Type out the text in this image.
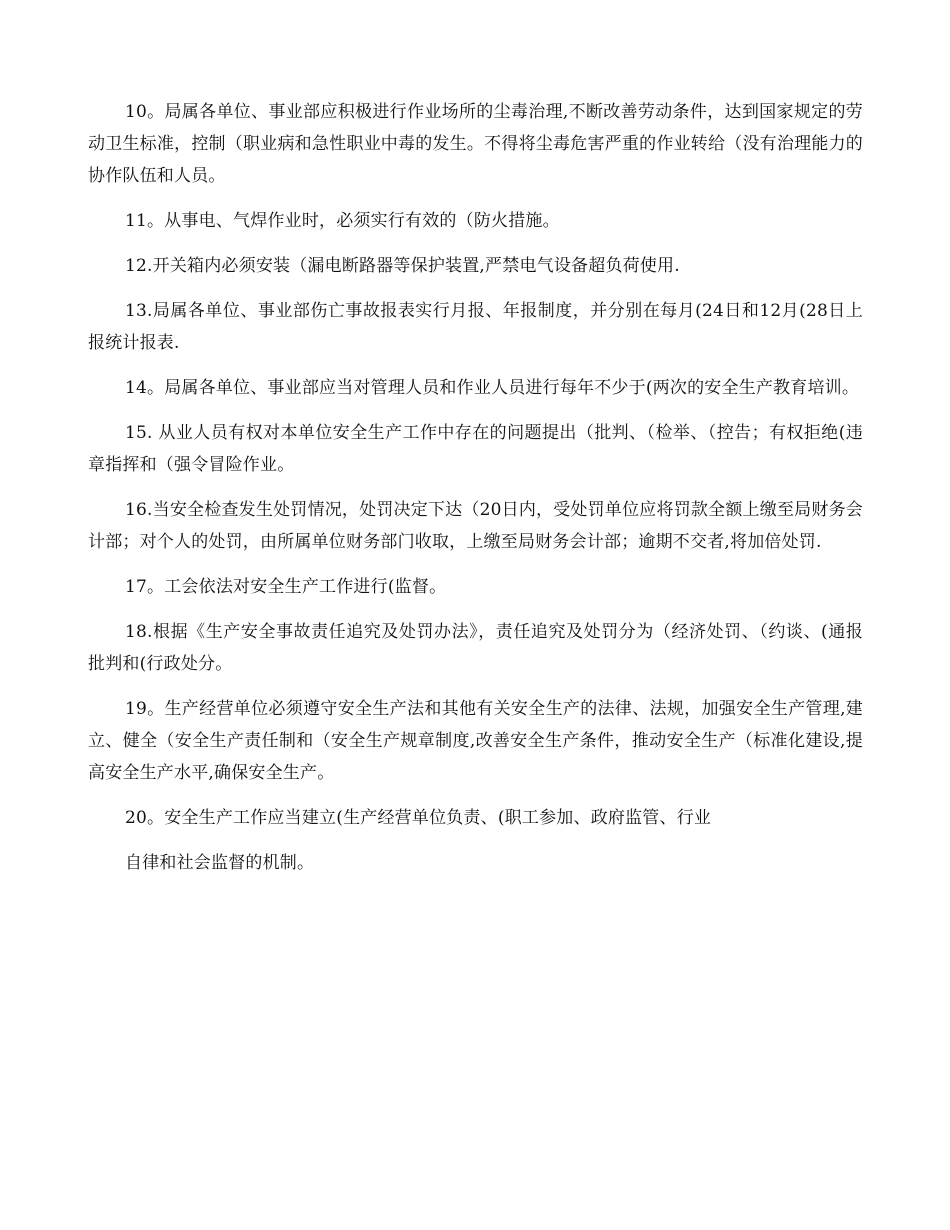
10。局属各单位、事业部应积极进行作业场所的尘毒治理,不断改善劳动条件，达到国家规定的劳动卫生标准，控制（职业病和急性职业中毒的发生。不得将尘毒危害严重的作业转给（没有治理能力的协作队伍和人员。

11。从事电、气焊作业时，必须实行有效的（防火措施。

12.开关箱内必须安装（漏电断路器等保护装置,严禁电气设备超负荷使用.

13.局属各单位、事业部伤亡事故报表实行月报、年报制度，并分别在每月(24日和12月(28日上报统计报表.

14。局属各单位、事业部应当对管理人员和作业人员进行每年不少于(两次的安全生产教育培训。

15. 从业人员有权对本单位安全生产工作中存在的问题提出（批判、（检举、（控告；有权拒绝(违章指挥和（强令冒险作业。

16.当安全检查发生处罚情况，处罚决定下达（20日内，受处罚单位应将罚款全额上缴至局财务会计部；对个人的处罚，由所属单位财务部门收取，上缴至局财务会计部；逾期不交者,将加倍处罚.

17。工会依法对安全生产工作进行(监督。

18.根据《生产安全事故责任追究及处罚办法》，责任追究及处罚分为（经济处罚、（约谈、(通报批判和(行政处分。

19。生产经营单位必须遵守安全生产法和其他有关安全生产的法律、法规，加强安全生产管理,建立、健全（安全生产责任制和（安全生产规章制度,改善安全生产条件，推动安全生产（标准化建设,提高安全生产水平,确保安全生产。

20。安全生产工作应当建立(生产经营单位负责、(职工参加、政府监管、行业

自律和社会监督的机制。
